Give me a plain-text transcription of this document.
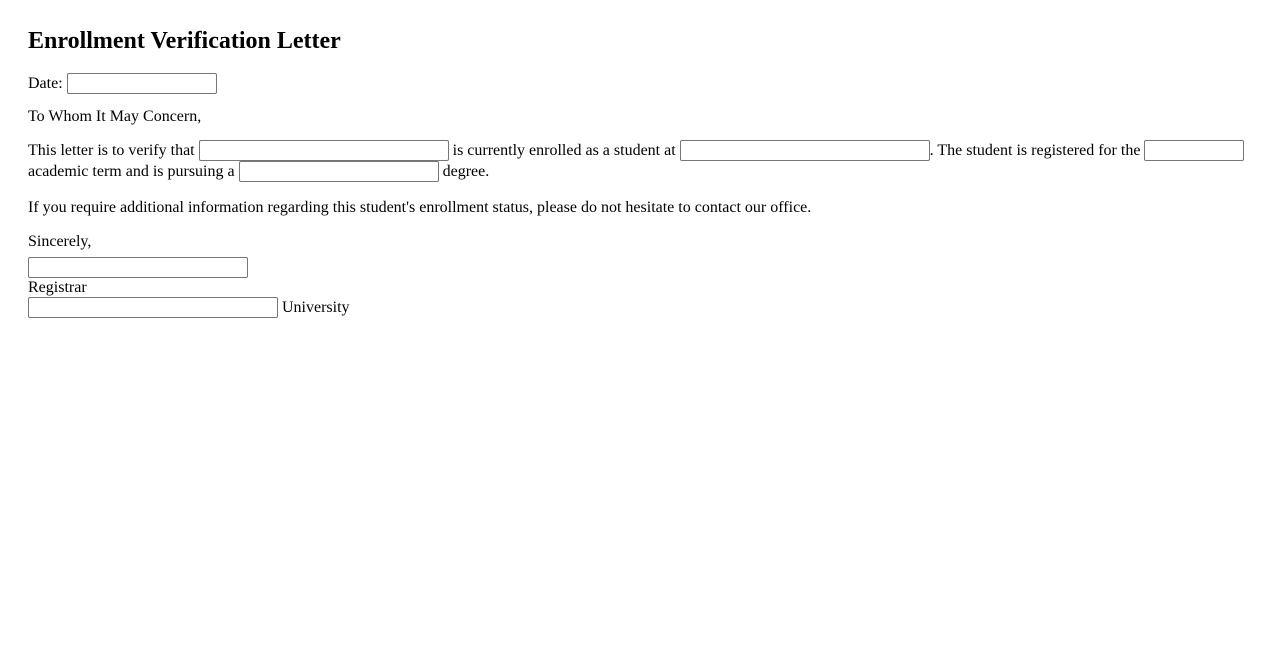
Enrollment Verification Letter

Date:

To Whom It May Concern,

This letter is to verify that	is currently enrolled as a student at	. The student is registered for the  academic term and is pursuing a	degree.

If you require additional information regarding this student's enrollment status, please do not hesitate to contact our office.

Sincerely,

Registrar
University
